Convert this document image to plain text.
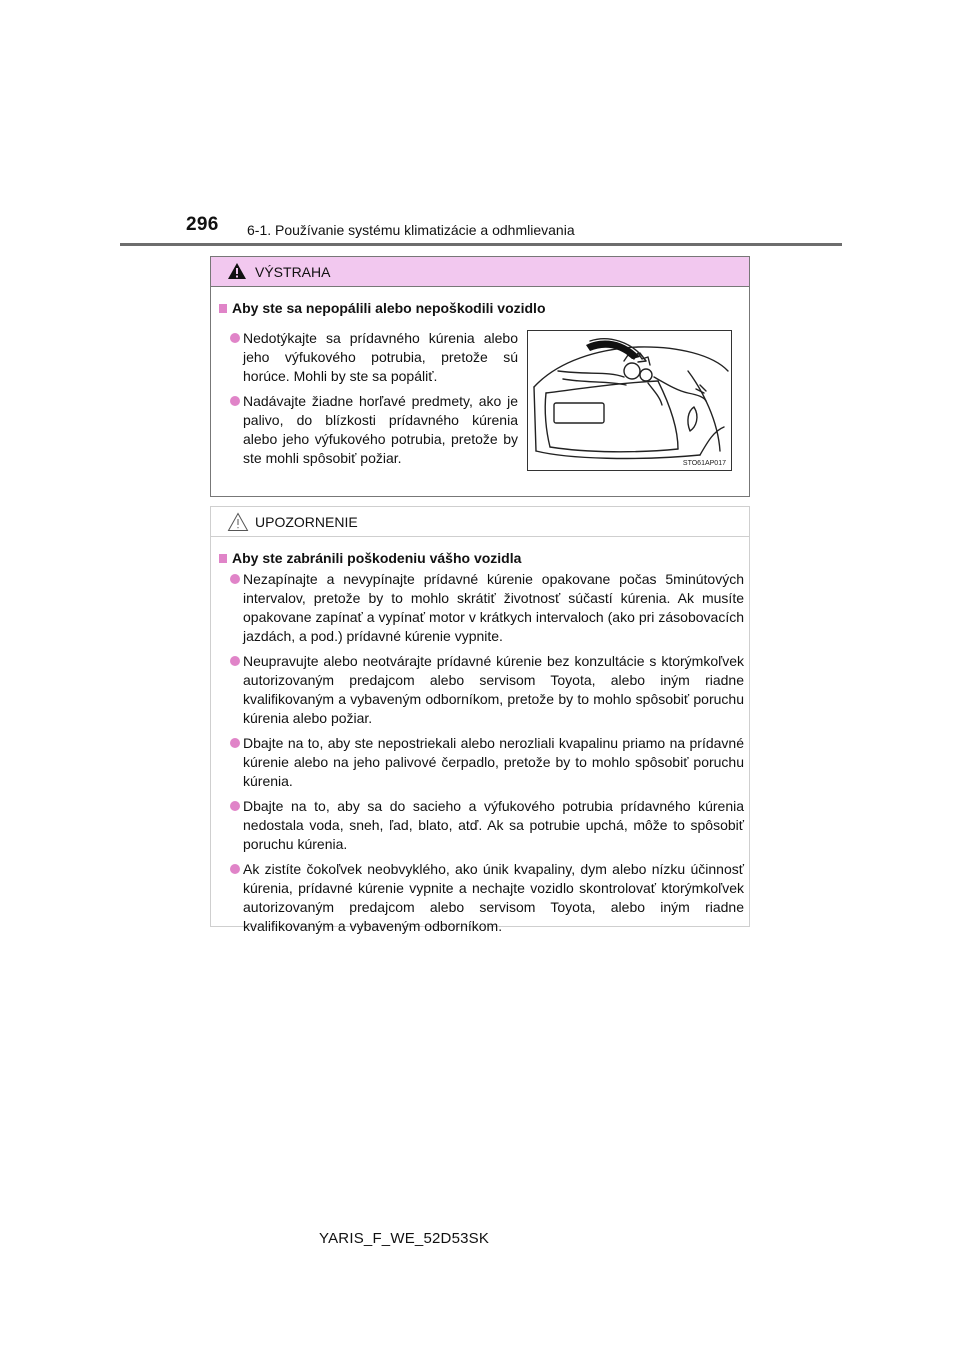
296 6-1. Používanie systému klimatizácie a odhmlievania
VÝSTRAHA
Aby ste sa nepopálili alebo nepoškodili vozidlo
Nedotýkajte sa prídavného kúrenia alebo jeho výfukového potrubia, pretože sú horúce. Mohli by ste sa popáliť.
Nadávajte žiadne horľavé predmety, ako je palivo, do blízkosti prídavného kúrenia alebo jeho výfukového potrubia, pretože by ste mohli spôsobiť požiar.	STO61AP017
UPOZORNENIE
Aby ste zabránili poškodeniu vášho vozidla
Nezapínajte a nevypínajte prídavné kúrenie opakovane počas 5minútových intervalov, pretože by to mohlo skrátiť životnosť súčastí kúrenia. Ak musíte opakovane zapínať a vypínať motor v krátkych intervaloch (ako pri zásobovacích jazdách, a pod.) prídavné kúrenie vypnite.
Neupravujte alebo neotvárajte prídavné kúrenie bez konzultácie s ktorýmkoľvek autorizovaným predajcom alebo servisom Toyota, alebo iným riadne kvalifikovaným a vybaveným odborníkom, pretože by to mohlo spôsobiť poruchu kúrenia alebo požiar.
Dbajte na to, aby ste nepostriekali alebo nerozliali kvapalinu priamo na prídavné kúrenie alebo na jeho palivové čerpadlo, pretože by to mohlo spôsobiť poruchu kúrenia.
Dbajte na to, aby sa do sacieho a výfukového potrubia prídavného kúrenia nedostala voda, sneh, ľad, blato, atď. Ak sa potrubie upchá, môže to spôsobiť poruchu kúrenia.
Ak zistíte čokoľvek neobvyklého, ako únik kvapaliny, dym alebo nízku účinnosť kúrenia, prídavné kúrenie vypnite a nechajte vozidlo skontrolovať ktorýmkoľvek autorizovaným predajcom alebo servisom Toyota, alebo iným riadne kvalifikovaným a vybaveným odborníkom.
YARIS_F_WE_52D53SK
